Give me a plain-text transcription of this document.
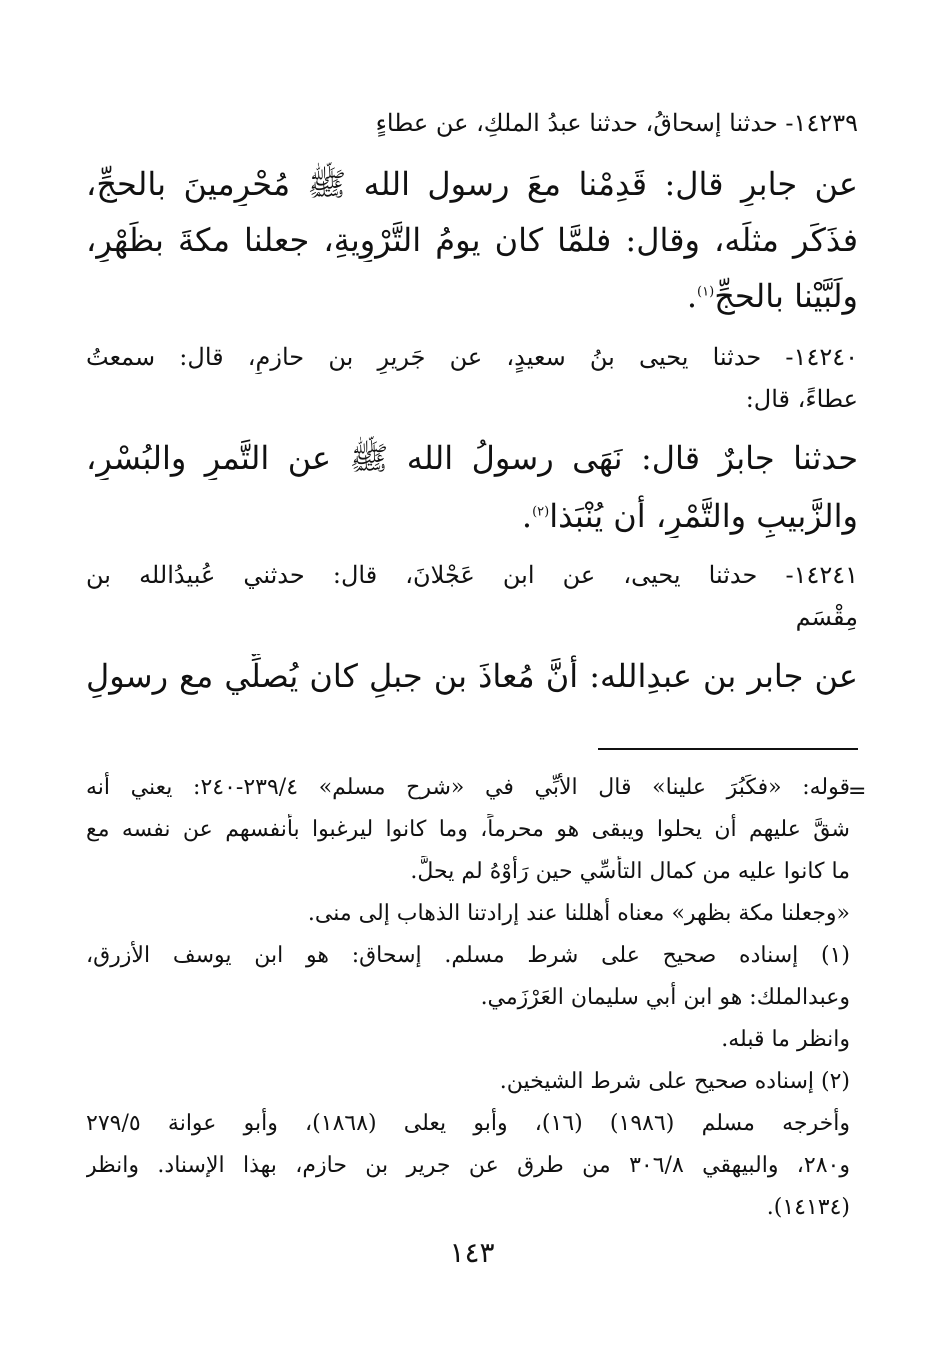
١٤٢٣٩- حدثنا إسحاقُ، حدثنا عبدُ الملكِ، عن عطاءٍ
عن جابرٍ قال: قَدِمْنا معَ رسول الله ﷺ مُحْرِمينَ بالحجِّ،
فذَكَر مثلَه، وقال: فلمَّا كان يومُ التَّرْوِيةِ، جعلنا مكةَ بظَهْرٍ،
ولَبَّيْنا بالحجِّ$^{(١)}$.
١٤٢٤٠- حدثنا يحيى بنُ سعيدٍ، عن جَريرِ بن حازمٍ، قال: سمعتُ
عطاءً، قال:
حدثنا جابرٌ قال: نَهَى رسولُ الله ﷺ عن التَّمرِ والبُسْرِ،
والزَّبيبِ والتَّمْرِ، أن يُنْبَذا$^{(٢)}$.
١٤٢٤١- حدثنا يحيى، عن ابن عَجْلانَ، قال: حدثني عُبيدُالله بن
مِقْسَم
عن جابر بن عبدِالله: أنَّ مُعاذَ بن جبلٍ كان يُصلِّي مع رسولِ
=
قوله: «فكَبُرَ علينا» قال الأُبِّي في «شرح مسلم» ٢٣٩/٤-٢٤٠: يعني أنه
شقَّ عليهم أن يحلوا ويبقى هو محرماً، وما كانوا ليرغبوا بأنفسهم عن نفسه مع
ما كانوا عليه من كمال التأسِّي حين رَأَوْهُ لم يحلَّ.
«وجعلنا مكة بظهر» معناه أهللنا عند إرادتنا الذهاب إلى منى.
(١) إسناده صحيح على شرط مسلم. إسحاق: هو ابن يوسف الأزرق،
وعبدالملك: هو ابن أبي سليمان العَرْزَمي.
وانظر ما قبله.
(٢) إسناده صحيح على شرط الشيخين.
وأخرجه مسلم (١٩٨٦) (١٦)، وأبو يعلى (١٨٦٨)، وأبو عوانة ٢٧٩/٥
و٢٨٠، والبيهقي ٣٠٦/٨ من طرق عن جرير بن حازم، بهذا الإسناد. وانظر
(١٤١٣٤).
١٤٣
